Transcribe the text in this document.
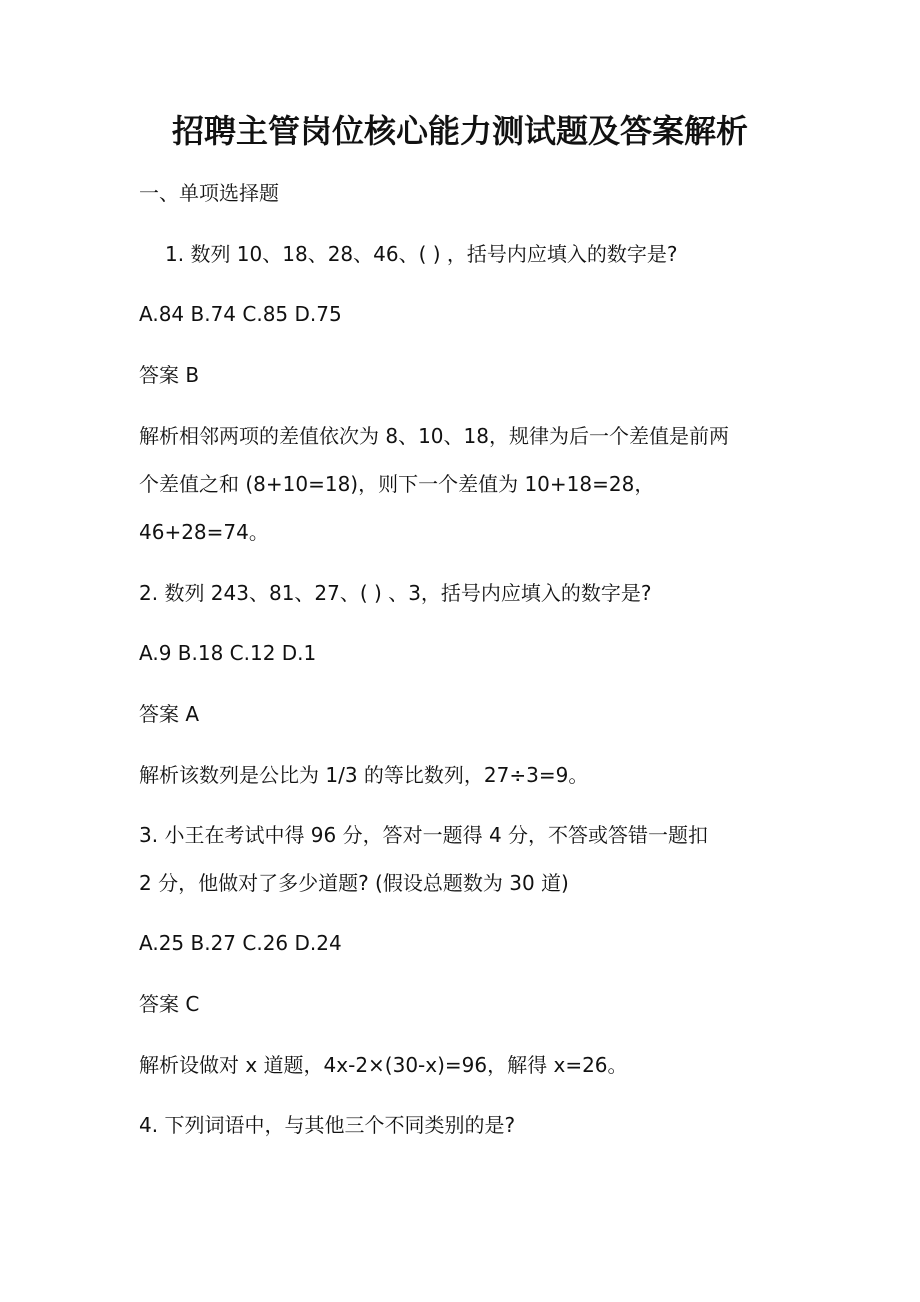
招聘主管岗位核心能力测试题及答案解析
一、单项选择题
1. 数列 10、18、28、46、( ) ，括号内应填入的数字是?
A.84 B.74 C.85 D.75
答案 B
解析相邻两项的差值依次为 8、10、18，规律为后一个差值是前两
个差值之和 (8+10=18)，则下一个差值为 10+18=28，
46+28=74。
2. 数列 243、81、27、( ) 、3，括号内应填入的数字是?
A.9 B.18 C.12 D.1
答案 A
解析该数列是公比为 1/3 的等比数列，27÷3=9。
3. 小王在考试中得 96 分，答对一题得 4 分，不答或答错一题扣
2 分，他做对了多少道题? (假设总题数为 30 道)
A.25 B.27 C.26 D.24
答案 C
解析设做对 x 道题，4x-2×(30-x)=96，解得 x=26。
4. 下列词语中，与其他三个不同类别的是?
